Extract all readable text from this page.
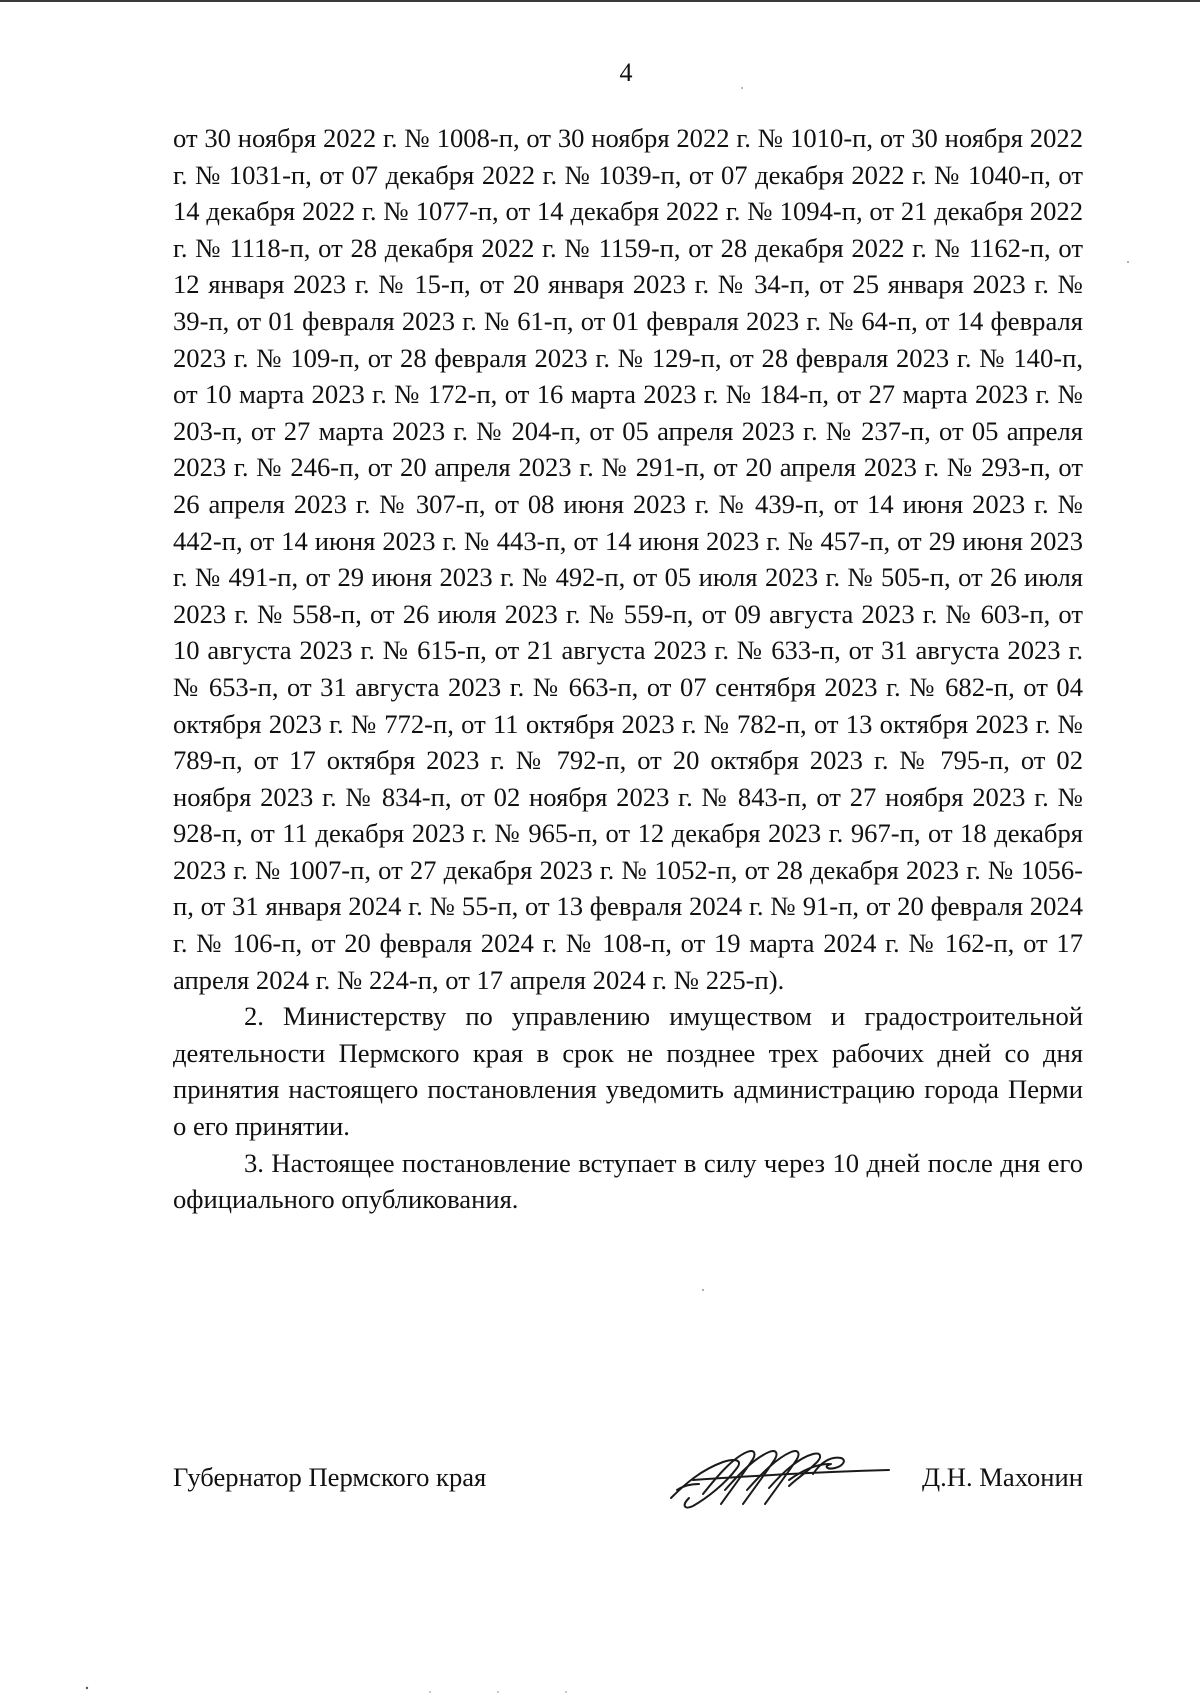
4

от 30 ноября 2022 г. № 1008-п, от 30 ноября 2022 г. № 1010-п, от 30 ноября 2022 г. № 1031-п, от 07 декабря 2022 г. № 1039-п, от 07 декабря 2022 г. № 1040-п, от 14 декабря 2022 г. № 1077-п, от 14 декабря 2022 г. № 1094-п, от 21 декабря 2022 г. № 1118-п, от 28 декабря 2022 г. № 1159-п, от 28 декабря 2022 г. № 1162-п, от 12 января 2023 г. № 15-п, от 20 января 2023 г. № 34-п, от 25 января 2023 г. № 39-п, от 01 февраля 2023 г. № 61-п, от 01 февраля 2023 г. № 64-п, от 14 февраля 2023 г. № 109-п, от 28 февраля 2023 г. № 129-п, от 28 февраля 2023 г. № 140-п, от 10 марта 2023 г. № 172-п, от 16 марта 2023 г. № 184-п, от 27 марта 2023 г. № 203-п, от 27 марта 2023 г. № 204-п, от 05 апреля 2023 г. № 237-п, от 05 апреля 2023 г. № 246-п, от 20 апреля 2023 г. № 291-п, от 20 апреля 2023 г. № 293-п, от 26 апреля 2023 г. № 307-п, от 08 июня 2023 г. № 439-п, от 14 июня 2023 г. № 442-п, от 14 июня 2023 г. № 443-п, от 14 июня 2023 г. № 457-п, от 29 июня 2023 г. № 491-п, от 29 июня 2023 г. № 492-п, от 05 июля 2023 г. № 505-п, от 26 июля 2023 г. № 558-п, от 26 июля 2023 г. № 559-п, от 09 августа 2023 г. № 603-п, от 10 августа 2023 г. № 615-п, от 21 августа 2023 г. № 633-п, от 31 августа 2023 г. № 653-п, от 31 августа 2023 г. № 663-п, от 07 сентября 2023 г. № 682-п, от 04 октября 2023 г. № 772-п, от 11 октября 2023 г. № 782-п, от 13 октября 2023 г. № 789-п, от 17 октября 2023 г. № 792-п, от 20 октября 2023 г. № 795-п, от 02 ноября 2023 г. № 834-п, от 02 ноября 2023 г. № 843-п, от 27 ноября 2023 г. № 928-п, от 11 декабря 2023 г. № 965-п, от 12 декабря 2023 г. 967-п, от 18 декабря 2023 г. № 1007-п, от 27 декабря 2023 г. № 1052-п, от 28 декабря 2023 г. № 1056-п, от 31 января 2024 г. № 55-п, от 13 февраля 2024 г. № 91-п, от 20 февраля 2024 г. № 106-п, от 20 февраля 2024 г. № 108-п, от 19 марта 2024 г. № 162-п, от 17 апреля 2024 г. № 224-п, от 17 апреля 2024 г. № 225-п).

2. Министерству по управлению имуществом и градостроительной деятельности Пермского края в срок не позднее трех рабочих дней со дня принятия настоящего постановления уведомить администрацию города Перми о его принятии.

3. Настоящее постановление вступает в силу через 10 дней после дня его официального опубликования.

Губернатор Пермского края	Д.Н. Махонин
